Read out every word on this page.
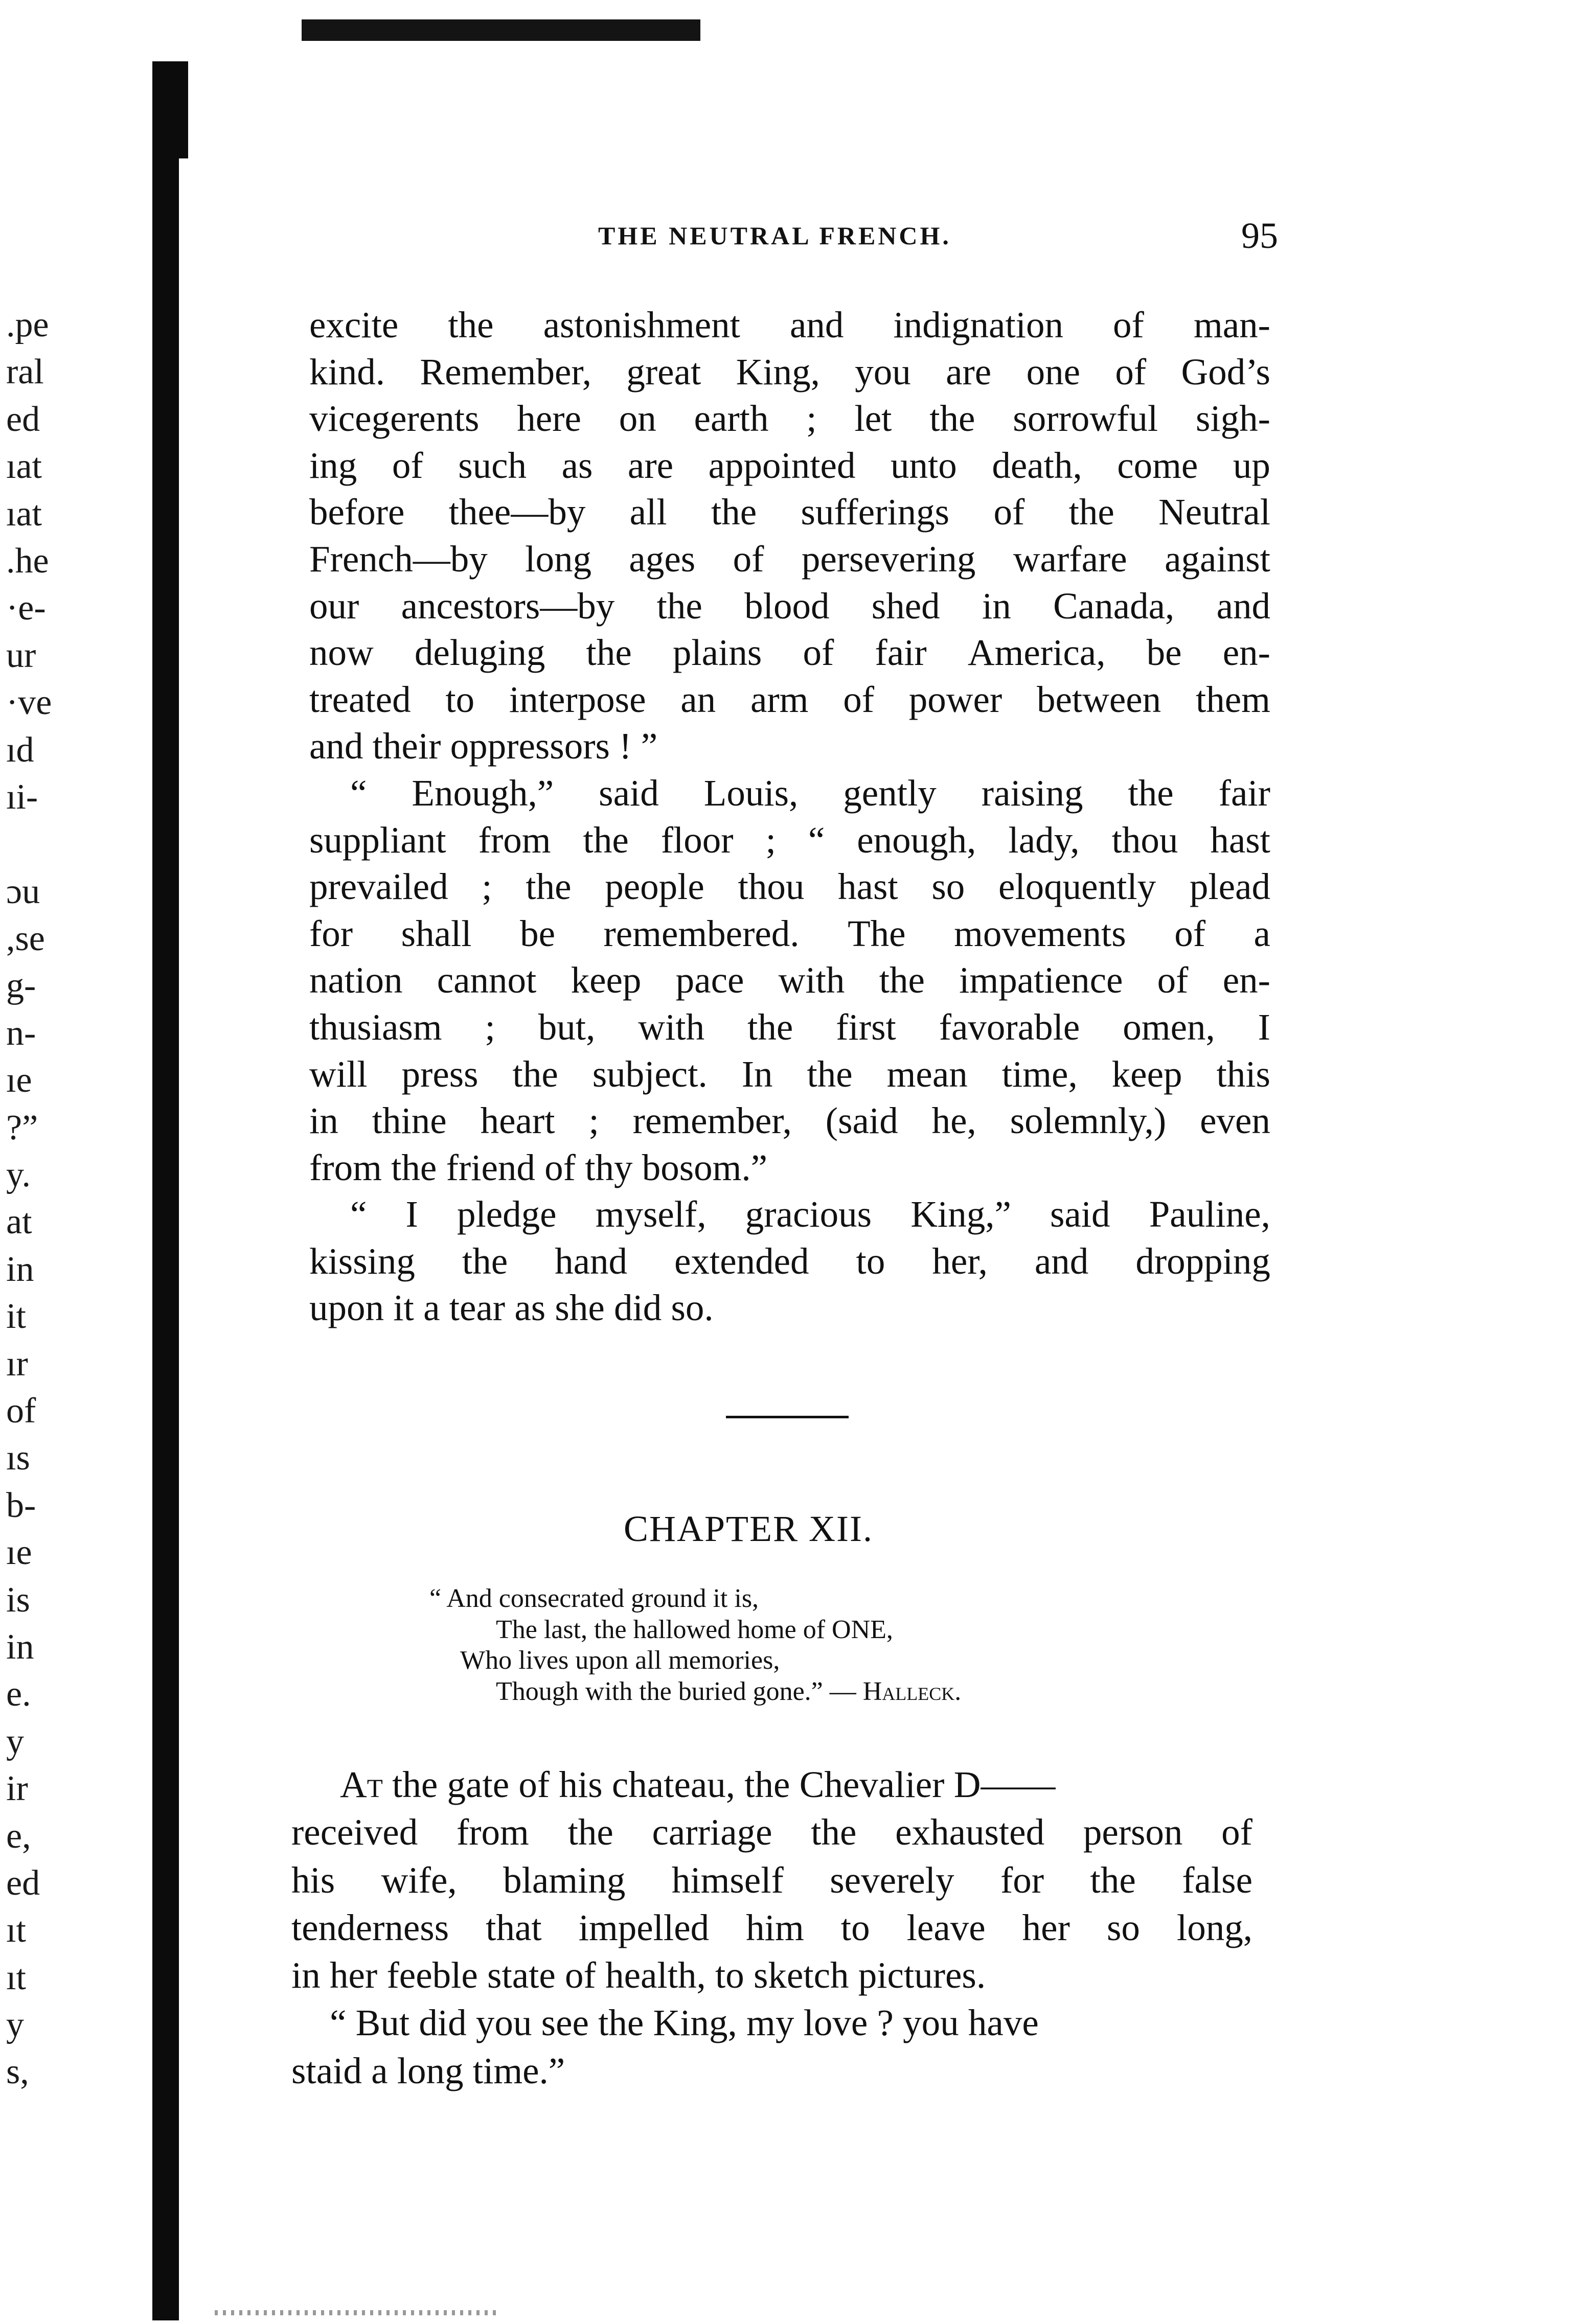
.pe
ral
ed
ıat
ıat
.he
·e-
ur
·ve
ıd
ıi-
ɔu
,se
g-
n-
ıe
?”
y.
at
in
it
ır
of
ıs
b-
ıe
is
in
e.
y
ir
e,
ed
ıt
ıt
y
s,
THE NEUTRAL FRENCH.	95
excite the astonishment and indignation of man-
kind. Remember, great King, you are one of God’s
vicegerents here on earth ; let the sorrowful sigh-
ing of such as are appointed unto death, come up
before thee—by all the sufferings of the Neutral
French—by long ages of persevering warfare against
our ancestors—by the blood shed in Canada, and
now deluging the plains of fair America, be en-
treated to interpose an arm of power between them
and their oppressors ! ”
“ Enough,” said Louis, gently raising the fair
suppliant from the floor ; “ enough, lady, thou hast
prevailed ; the people thou hast so eloquently plead
for shall be remembered. The movements of a
nation cannot keep pace with the impatience of en-
thusiasm ; but, with the first favorable omen, I
will press the subject. In the mean time, keep this
in thine heart ; remember, (said he, solemnly,) even
from the friend of thy bosom.”
“ I pledge myself, gracious King,” said Pauline,
kissing the hand extended to her, and dropping
upon it a tear as she did so.
CHAPTER XII.
“ And consecrated ground it is,
The last, the hallowed home of ONE,
Who lives upon all memories,
Though with the buried gone.” — Halleck.
At the gate of his chateau, the Chevalier D——
received from the carriage the exhausted person of
his wife, blaming himself severely for the false
tenderness that impelled him to leave her so long,
in her feeble state of health, to sketch pictures.
“ But did you see the King, my love ? you have
staid a long time.”
